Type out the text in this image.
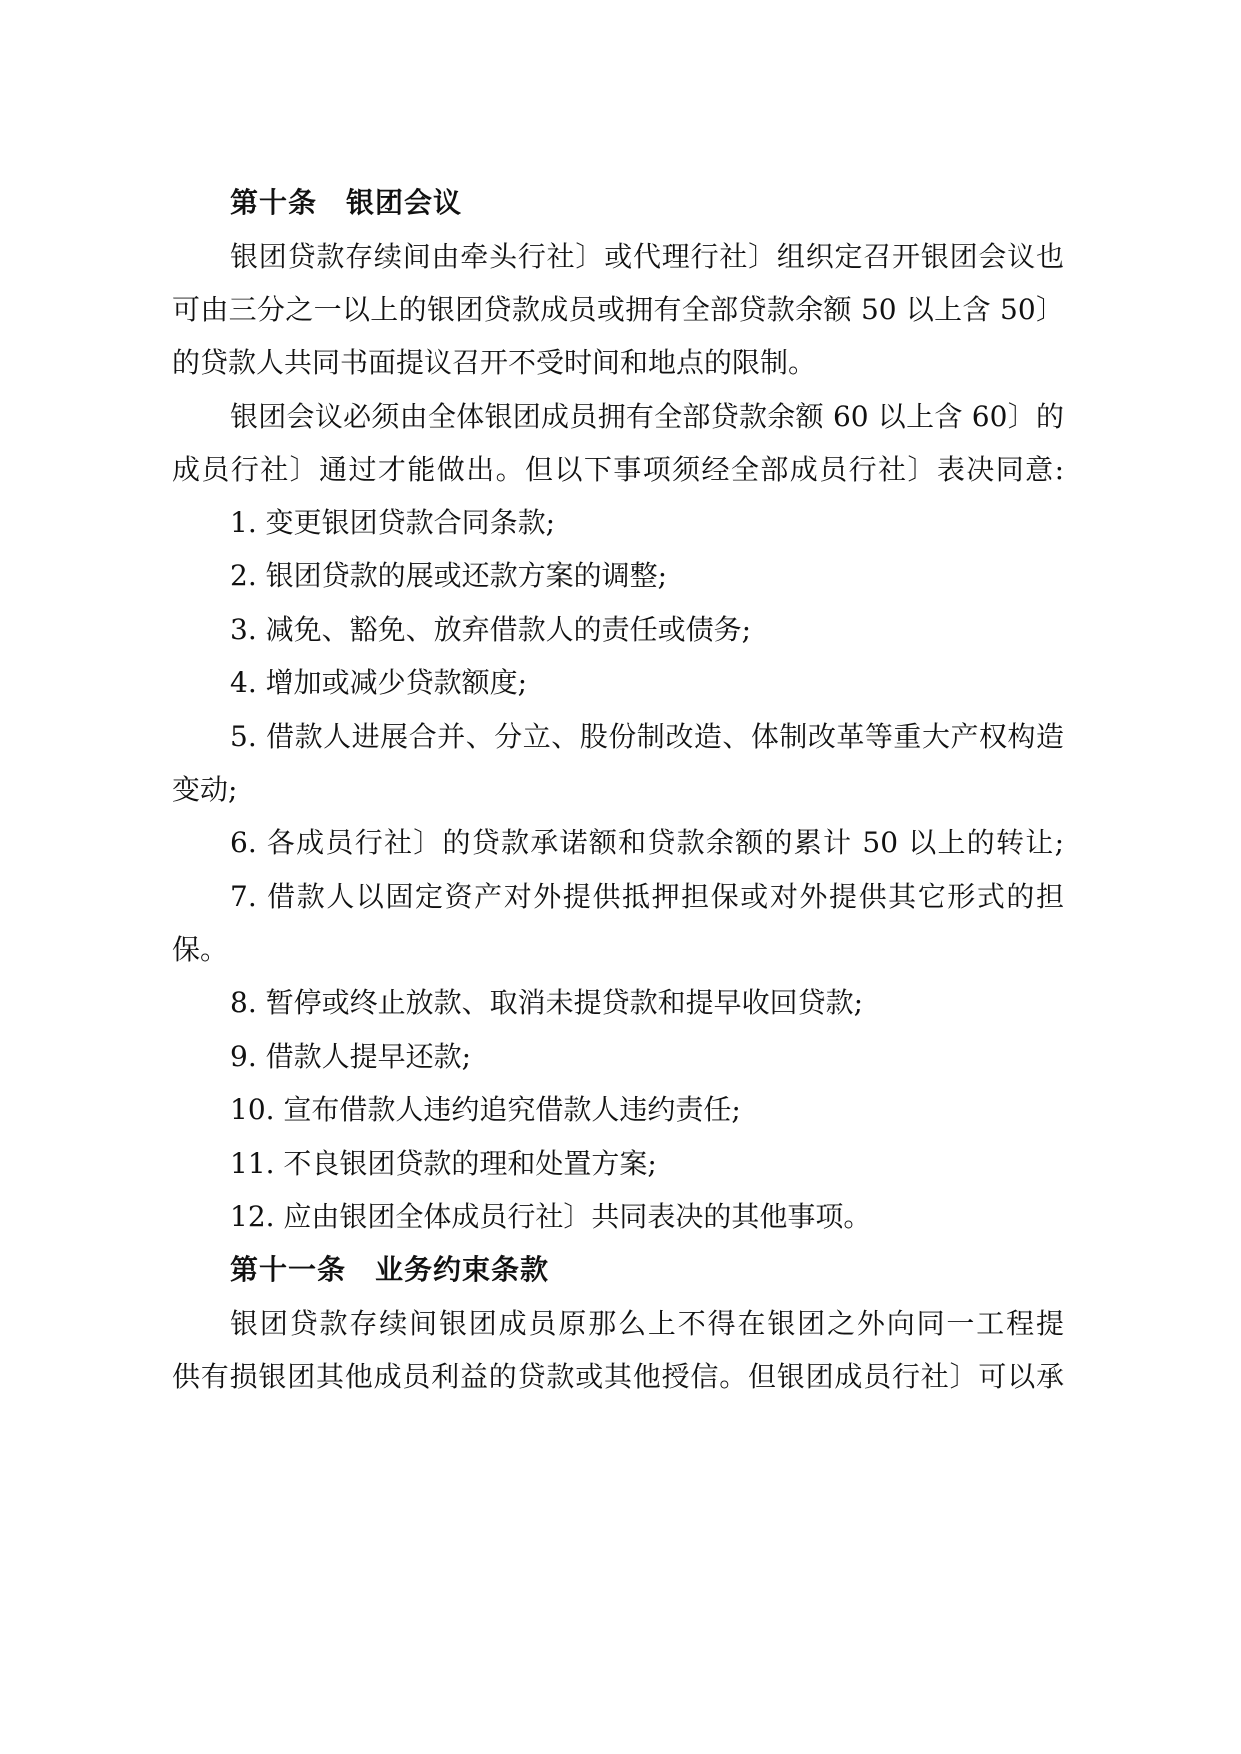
第十条　银团会议
银团贷款存续间由牵头行社〕或代理行社〕组织定召开银团会议也
可由三分之一以上的银团贷款成员或拥有全部贷款余额 50 以上含 50〕
的贷款人共同书面提议召开不受时间和地点的限制。
银团会议必须由全体银团成员拥有全部贷款余额 60 以上含 60〕的
成员行社〕通过才能做出。但以下事项须经全部成员行社〕表决同意:
1. 变更银团贷款合同条款;
2. 银团贷款的展或还款方案的调整;
3. 减免、豁免、放弃借款人的责任或债务;
4. 增加或减少贷款额度;
5. 借款人进展合并、分立、股份制改造、体制改革等重大产权构造
变动;
6. 各成员行社〕的贷款承诺额和贷款余额的累计 50 以上的转让;
7. 借款人以固定资产对外提供抵押担保或对外提供其它形式的担
保。
8. 暂停或终止放款、取消未提贷款和提早收回贷款;
9. 借款人提早还款;
10. 宣布借款人违约追究借款人违约责任;
11. 不良银团贷款的理和处置方案;
12. 应由银团全体成员行社〕共同表决的其他事项。
第十一条　业务约束条款
银团贷款存续间银团成员原那么上不得在银团之外向同一工程提
供有损银团其他成员利益的贷款或其他授信。但银团成员行社〕可以承
